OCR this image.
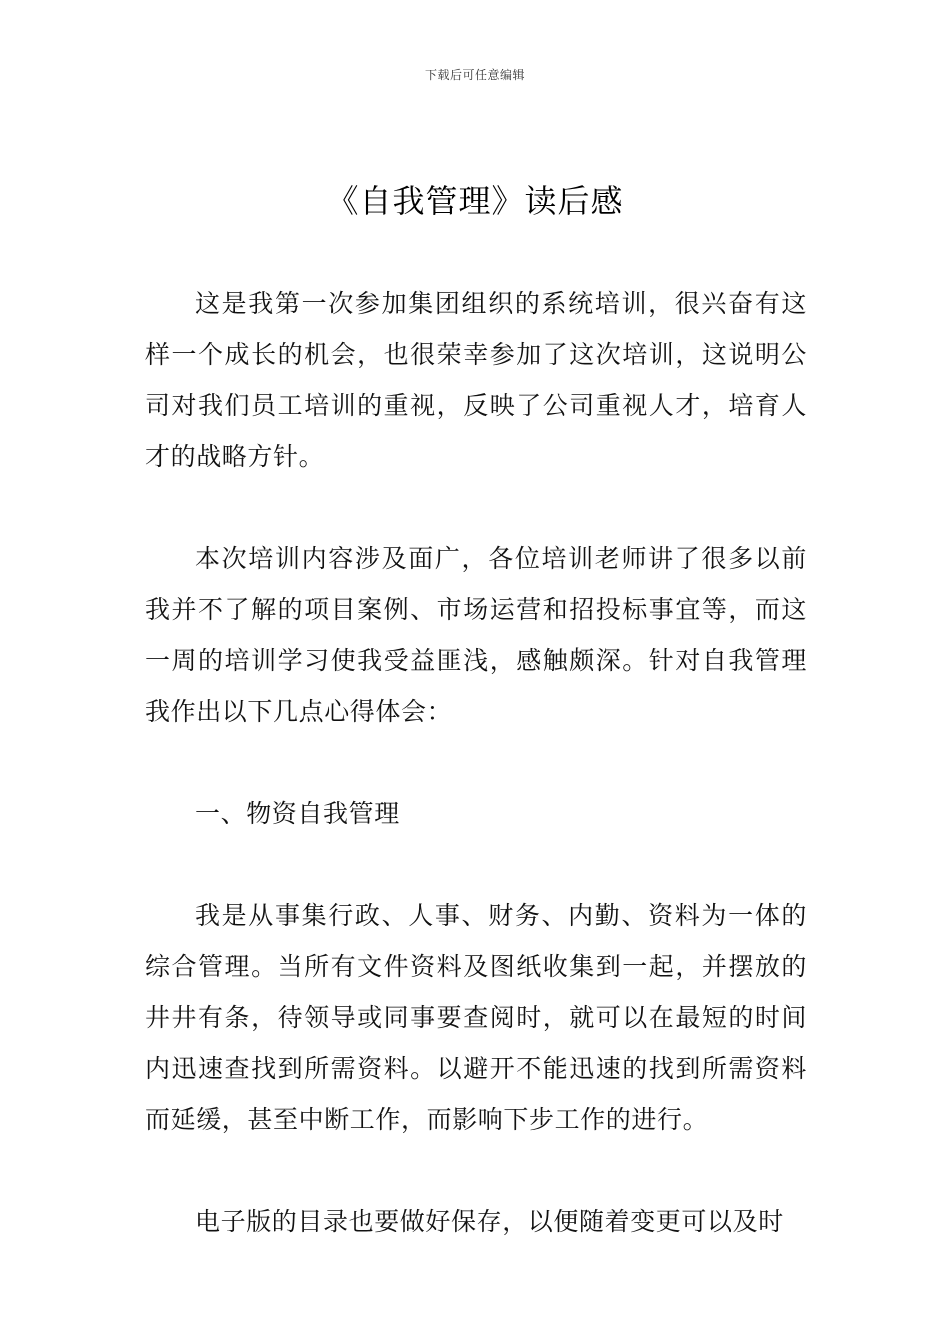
下载后可任意编辑
《自我管理》读后感

这是我第一次参加集团组织的系统培训，很兴奋有这样一个成长的机会，也很荣幸参加了这次培训，这说明公司对我们员工培训的重视，反映了公司重视人才，培育人才的战略方针。

本次培训内容涉及面广，各位培训老师讲了很多以前我并不了解的项目案例、市场运营和招投标事宜等，而这一周的培训学习使我受益匪浅，感触颇深。针对自我管理我作出以下几点心得体会：

一、物资自我管理

我是从事集行政、人事、财务、内勤、资料为一体的综合管理。当所有文件资料及图纸收集到一起，并摆放的井井有条，待领导或同事要查阅时，就可以在最短的时间内迅速查找到所需资料。以避开不能迅速的找到所需资料而延缓，甚至中断工作，而影响下步工作的进行。

电子版的目录也要做好保存，以便随着变更可以及时
